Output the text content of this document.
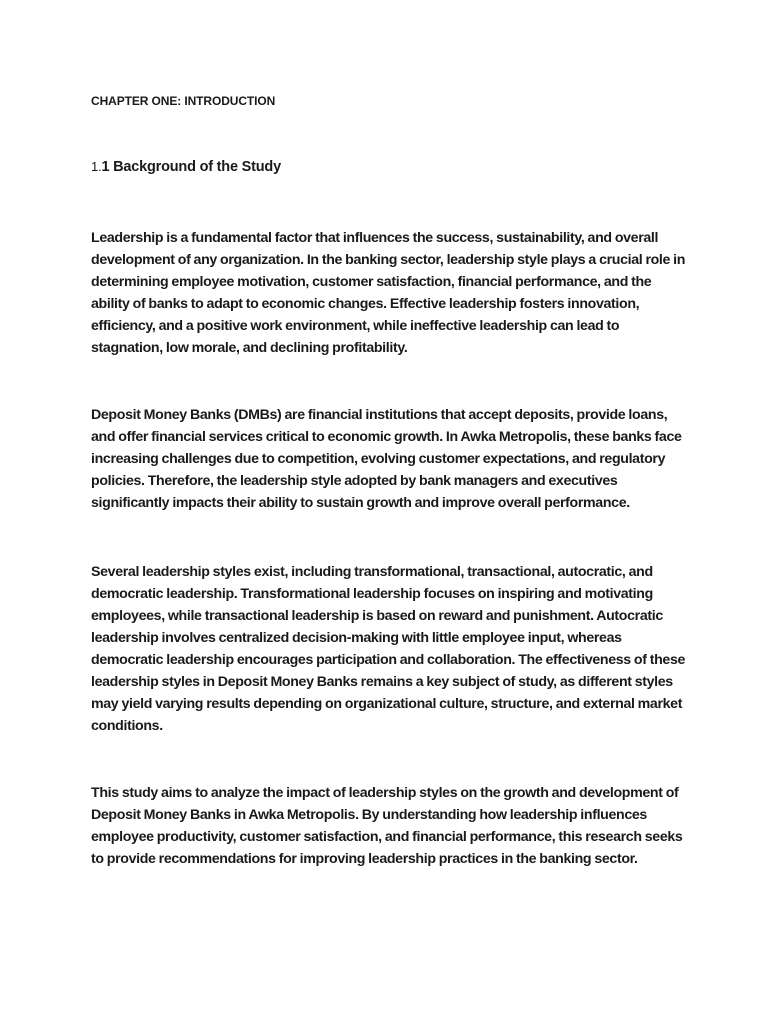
CHAPTER ONE: INTRODUCTION
1.1 Background of the Study

Leadership is a fundamental factor that influences the success, sustainability, and overall
development of any organization. In the banking sector, leadership style plays a crucial role in
determining employee motivation, customer satisfaction, financial performance, and the
ability of banks to adapt to economic changes. Effective leadership fosters innovation,
efficiency, and a positive work environment, while ineffective leadership can lead to
stagnation, low morale, and declining profitability.

Deposit Money Banks (DMBs) are financial institutions that accept deposits, provide loans,
and offer financial services critical to economic growth. In Awka Metropolis, these banks face
increasing challenges due to competition, evolving customer expectations, and regulatory
policies. Therefore, the leadership style adopted by bank managers and executives
significantly impacts their ability to sustain growth and improve overall performance.

Several leadership styles exist, including transformational, transactional, autocratic, and
democratic leadership. Transformational leadership focuses on inspiring and motivating
employees, while transactional leadership is based on reward and punishment. Autocratic
leadership involves centralized decision-making with little employee input, whereas
democratic leadership encourages participation and collaboration. The effectiveness of these
leadership styles in Deposit Money Banks remains a key subject of study, as different styles
may yield varying results depending on organizational culture, structure, and external market
conditions.

This study aims to analyze the impact of leadership styles on the growth and development of
Deposit Money Banks in Awka Metropolis. By understanding how leadership influences
employee productivity, customer satisfaction, and financial performance, this research seeks
to provide recommendations for improving leadership practices in the banking sector.
